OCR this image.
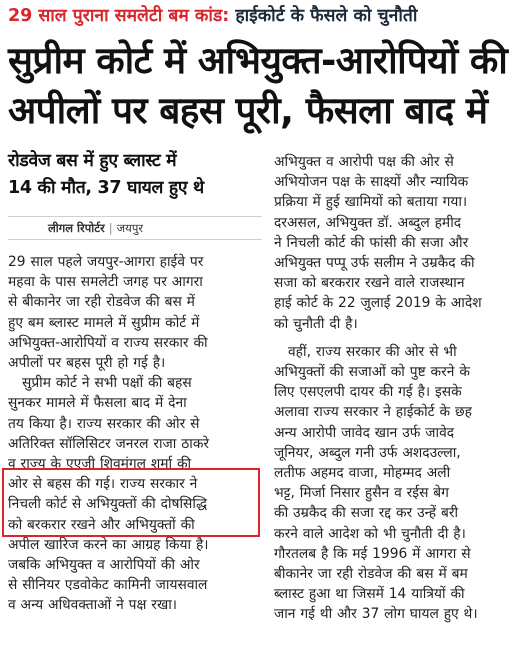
29 साल पुराना समलेटी बम कांड: हाईकोर्ट के फैसले को चुनौती
सुप्रीम कोर्ट में अभियुक्त-आरोपियों की
अपीलों पर बहस पूरी, फैसला बाद में
रोडवेज बस में हुए ब्लास्ट में
14 की मौत, 37 घायल हुए थे
लीगल रिपोर्टर | जयपुर
29 साल पहले जयपुर-आगरा हाईवे पर
महवा के पास समलेटी जगह पर आगरा
से बीकानेर जा रही रोडवेज की बस में
हुए बम ब्लास्ट मामले में सुप्रीम कोर्ट में
अभियुक्त-आरोपियों व राज्य सरकार की
अपीलों पर बहस पूरी हो गई है।
सुप्रीम कोर्ट ने सभी पक्षों की बहस
सुनकर मामले में फैसला बाद में देना
तय किया है। राज्य सरकार की ओर से
अतिरिक्त सॉलिसिटर जनरल राजा ठाकरे
व राज्य के एएजी शिवमंगल शर्मा की
ओर से बहस की गई। राज्य सरकार ने
निचली कोर्ट से अभियुक्तों की दोषसिद्धि
को बरकरार रखने और अभियुक्तों की
अपील खारिज करने का आग्रह किया है।
जबकि अभियुक्त व आरोपियों की ओर
से सीनियर एडवोकेट कामिनी जायसवाल
व अन्य अधिवक्ताओं ने पक्ष रखा।
अभियुक्त व आरोपी पक्ष की ओर से
अभियोजन पक्ष के साक्ष्यों और न्यायिक
प्रक्रिया में हुई खामियों को बताया गया।
दरअसल, अभियुक्त डॉ. अब्दुल हमीद
ने निचली कोर्ट की फांसी की सजा और
अभियुक्त पप्पू उर्फ सलीम ने उम्रकैद की
सजा को बरकरार रखने वाले राजस्थान
हाई कोर्ट के 22 जुलाई 2019 के आदेश
को चुनौती दी है।
वहीं, राज्य सरकार की ओर से भी
अभियुक्तों की सजाओं को पुष्ट करने के
लिए एसएलपी दायर की गई है। इसके
अलावा राज्य सरकार ने हाईकोर्ट के छह
अन्य आरोपी जावेद खान उर्फ जावेद
जूनियर, अब्दुल गनी उर्फ अशदउल्ला,
लतीफ अहमद वाजा, मोहम्मद अली
भट्ट, मिर्जा निसार हुसैन व रईस बेग
की उम्रकैद की सजा रद्द कर उन्हें बरी
करने वाले आदेश को भी चुनौती दी है।
गौरतलब है कि मई 1996 में आगरा से
बीकानेर जा रही रोडवेज की बस में बम
ब्लास्ट हुआ था जिसमें 14 यात्रियों की
जान गई थी और 37 लोग घायल हुए थे।
